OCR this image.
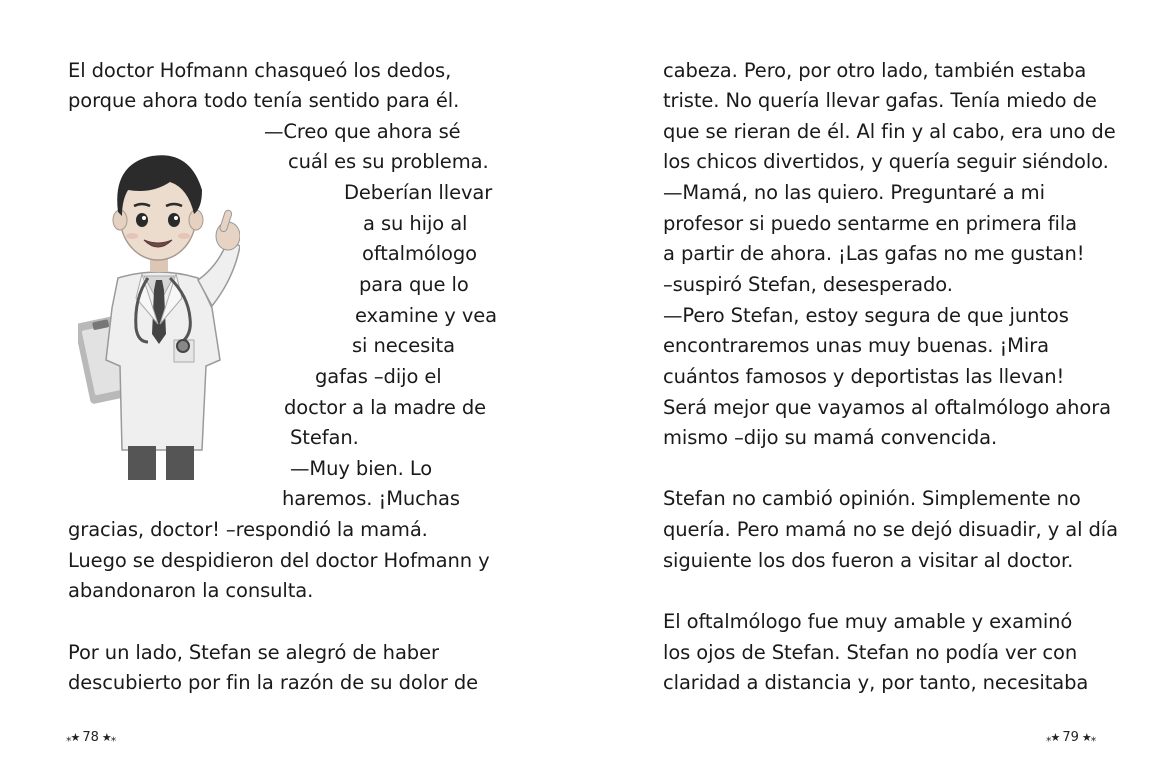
El doctor Hofmann chasqueó los dedos,
porque ahora todo tenía sentido para él.
—Creo que ahora sé
cuál es su problema.
Deberían llevar
a su hijo al
oftalmólogo
para que lo
examine y vea
si necesita
gafas –dijo el
doctor a la madre de
Stefan.
—Muy bien. Lo
haremos. ¡Muchas
gracias, doctor! –respondió la mamá.
Luego se despidieron del doctor Hofmann y
abandonaron la consulta.
Por un lado, Stefan se alegró de haber
descubierto por fin la razón de su dolor de
⁎★ 78 ★⁎
cabeza. Pero, por otro lado, también estaba
triste. No quería llevar gafas. Tenía miedo de
que se rieran de él. Al fin y al cabo, era uno de
los chicos divertidos, y quería seguir siéndolo.
—Mamá, no las quiero. Preguntaré a mi
profesor si puedo sentarme en primera fila
a partir de ahora. ¡Las gafas no me gustan!
–suspiró Stefan, desesperado.
—Pero Stefan, estoy segura de que juntos
encontraremos unas muy buenas. ¡Mira
cuántos famosos y deportistas las llevan!
Será mejor que vayamos al oftalmólogo ahora
mismo –dijo su mamá convencida.
Stefan no cambió opinión. Simplemente no
quería. Pero mamá no se dejó disuadir, y al día
siguiente los dos fueron a visitar al doctor.
El oftalmólogo fue muy amable y examinó
los ojos de Stefan. Stefan no podía ver con
claridad a distancia y, por tanto, necesitaba
⁎★ 79 ★⁎
